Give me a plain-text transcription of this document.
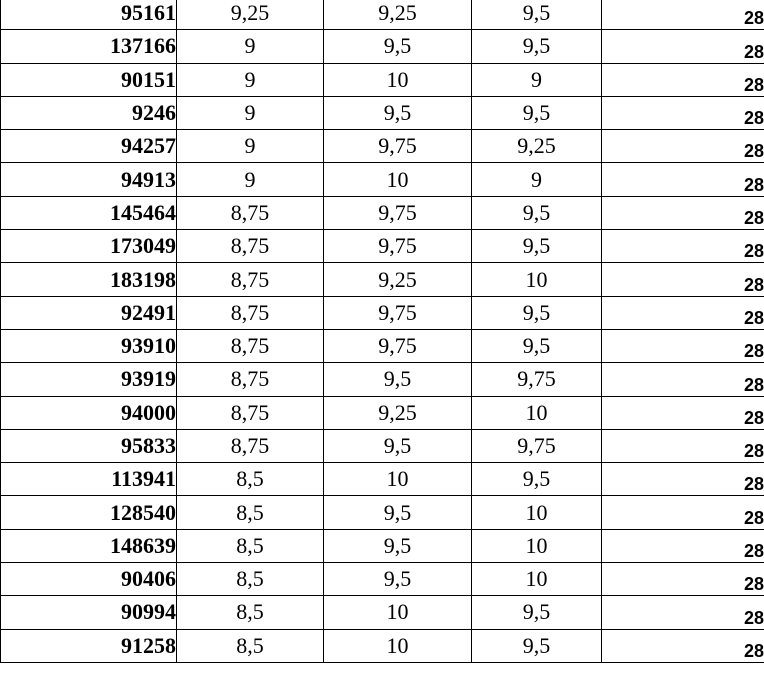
95161	9,25	9,25	9,5	28	
137166	9	9,5	9,5	28	
90151	9	10	9	28	
9246	9	9,5	9,5	28	
94257	9	9,75	9,25	28	
94913	9	10	9	28	
145464	8,75	9,75	9,5	28	
173049	8,75	9,75	9,5	28	
183198	8,75	9,25	10	28	
92491	8,75	9,75	9,5	28	
93910	8,75	9,75	9,5	28	
93919	8,75	9,5	9,75	28	
94000	8,75	9,25	10	28	
95833	8,75	9,5	9,75	28	
113941	8,5	10	9,5	28	
128540	8,5	9,5	10	28	
148639	8,5	9,5	10	28	
90406	8,5	9,5	10	28	
90994	8,5	10	9,5	28	
91258	8,5	10	9,5	28	
